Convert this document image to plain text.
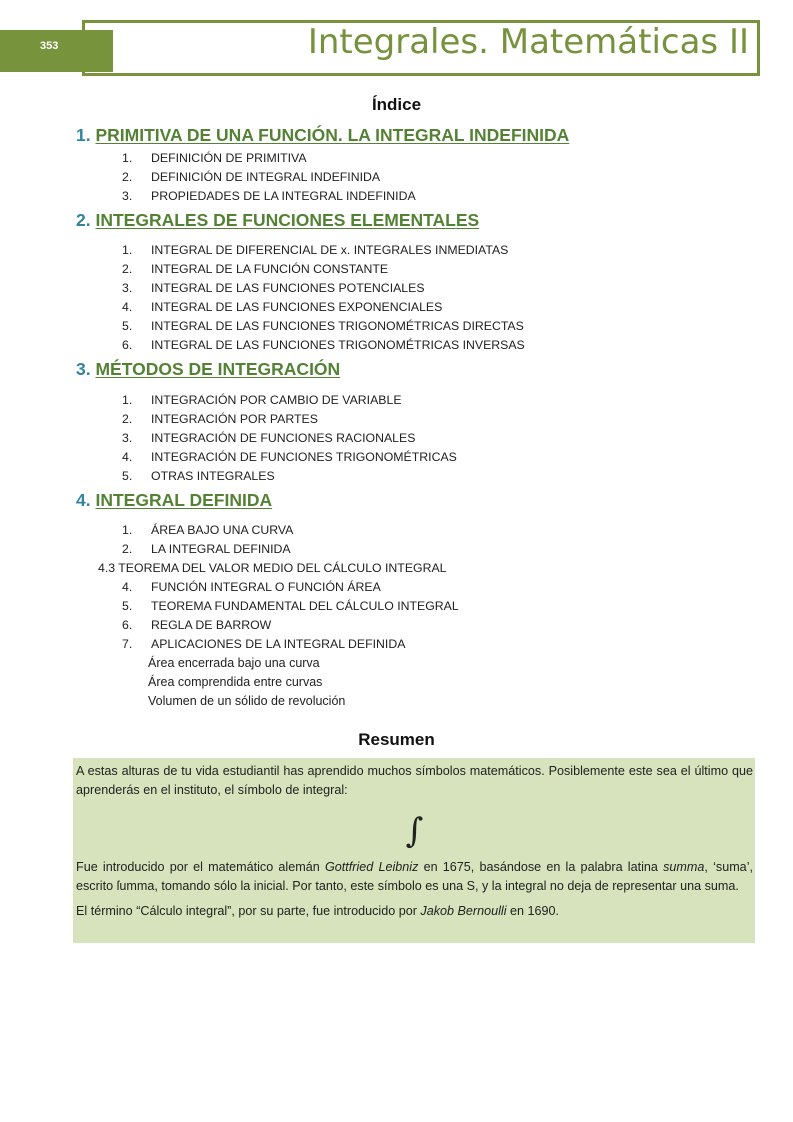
353	Integrales. Matemáticas II
Índice
1. PRIMITIVA DE UNA FUNCIÓN. LA INTEGRAL INDEFINIDA
1. DEFINICIÓN DE PRIMITIVA
2. DEFINICIÓN DE INTEGRAL INDEFINIDA
3. PROPIEDADES DE LA INTEGRAL INDEFINIDA
2. INTEGRALES DE FUNCIONES ELEMENTALES
1. INTEGRAL DE DIFERENCIAL DE x. INTEGRALES INMEDIATAS
2. INTEGRAL DE LA FUNCIÓN CONSTANTE
3. INTEGRAL DE LAS FUNCIONES POTENCIALES
4. INTEGRAL DE LAS FUNCIONES EXPONENCIALES
5. INTEGRAL DE LAS FUNCIONES TRIGONOMÉTRICAS DIRECTAS
6. INTEGRAL DE LAS FUNCIONES TRIGONOMÉTRICAS INVERSAS
3. MÉTODOS DE INTEGRACIÓN
1. INTEGRACIÓN POR CAMBIO DE VARIABLE
2. INTEGRACIÓN POR PARTES
3. INTEGRACIÓN DE FUNCIONES RACIONALES
4. INTEGRACIÓN DE FUNCIONES TRIGONOMÉTRICAS
5. OTRAS INTEGRALES
4. INTEGRAL DEFINIDA
1. ÁREA BAJO UNA CURVA
2. LA INTEGRAL DEFINIDA
4.3 TEOREMA DEL VALOR MEDIO DEL CÁLCULO INTEGRAL
4. FUNCIÓN INTEGRAL O FUNCIÓN ÁREA
5. TEOREMA FUNDAMENTAL DEL CÁLCULO INTEGRAL
6. REGLA DE BARROW
7. APLICACIONES DE LA INTEGRAL DEFINIDA
Área encerrada bajo una curva
Área comprendida entre curvas
Volumen de un sólido de revolución
Resumen

A estas alturas de tu vida estudiantil has aprendido muchos símbolos matemáticos. Posiblemente este sea el último que aprenderás en el instituto, el símbolo de integral:

∫

Fue introducido por el matemático alemán Gottfried Leibniz en 1675, basándose en la palabra latina summa, ‘suma’, escrito ſumma, tomando sólo la inicial. Por tanto, este símbolo es una S, y la integral no deja de representar una suma.

El término “Cálculo integral”, por su parte, fue introducido por Jakob Bernoulli en 1690.
